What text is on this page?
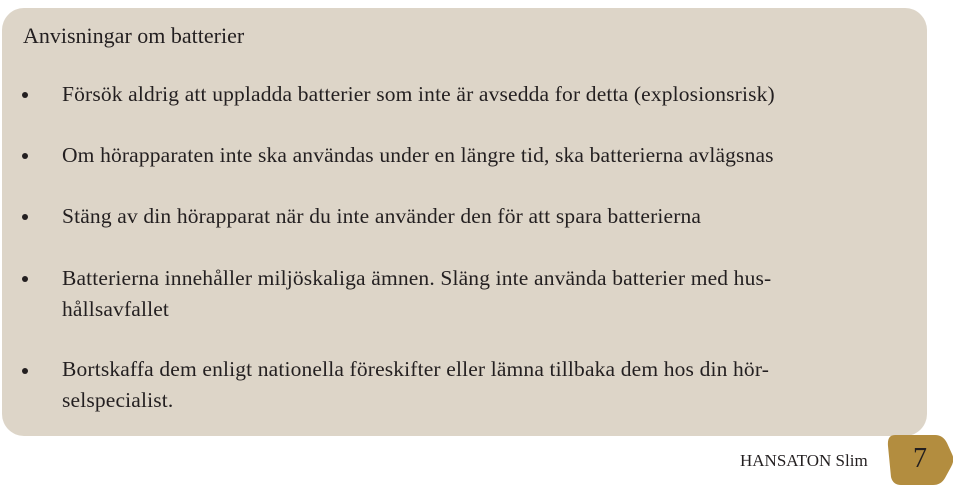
Anvisningar om batterier
Försök aldrig att uppladda batterier som inte är avsedda for detta (explosionsrisk)
Om hörapparaten inte ska användas under en längre tid, ska batterierna avlägsnas
Stäng av din hörapparat när du inte använder den för att spara batterierna
Batterierna innehåller miljöskaliga ämnen. Släng inte använda batterier med hus-
hållsavfallet
Bortskaffa dem enligt nationella föreskifter eller lämna tillbaka dem hos din hör-
selspecialist.
HANSATON Slim	7
